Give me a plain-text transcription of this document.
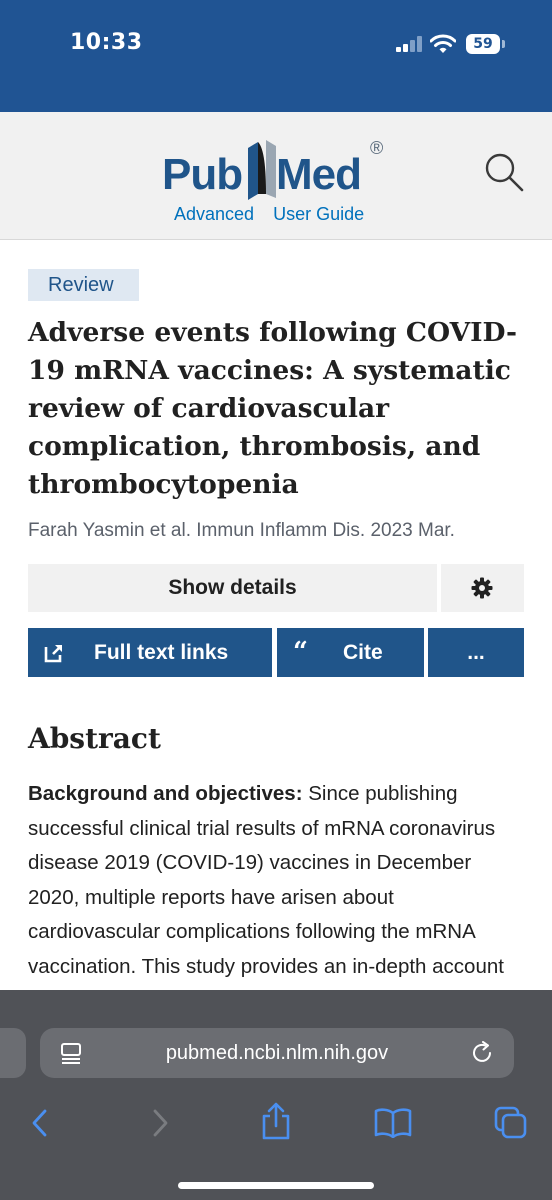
10:33	59
Pub Med
®
Advanced User Guide
Review
Adverse events following COVID-19 mRNA vaccines: A systematic review of cardiovascular complication, thrombosis, and thrombocytopenia
Farah Yasmin et al. Immun Inflamm Dis. 2023 Mar.
Show details
Full text links “ Cite	...
Abstract

Background and objectives: Since publishing successful clinical trial results of mRNA coronavirus disease 2019 (COVID-19) vaccines in December 2020, multiple reports have arisen about cardiovascular complications following the mRNA vaccination. This study provides an in-depth account

pubmed.ncbi.nlm.nih.gov
